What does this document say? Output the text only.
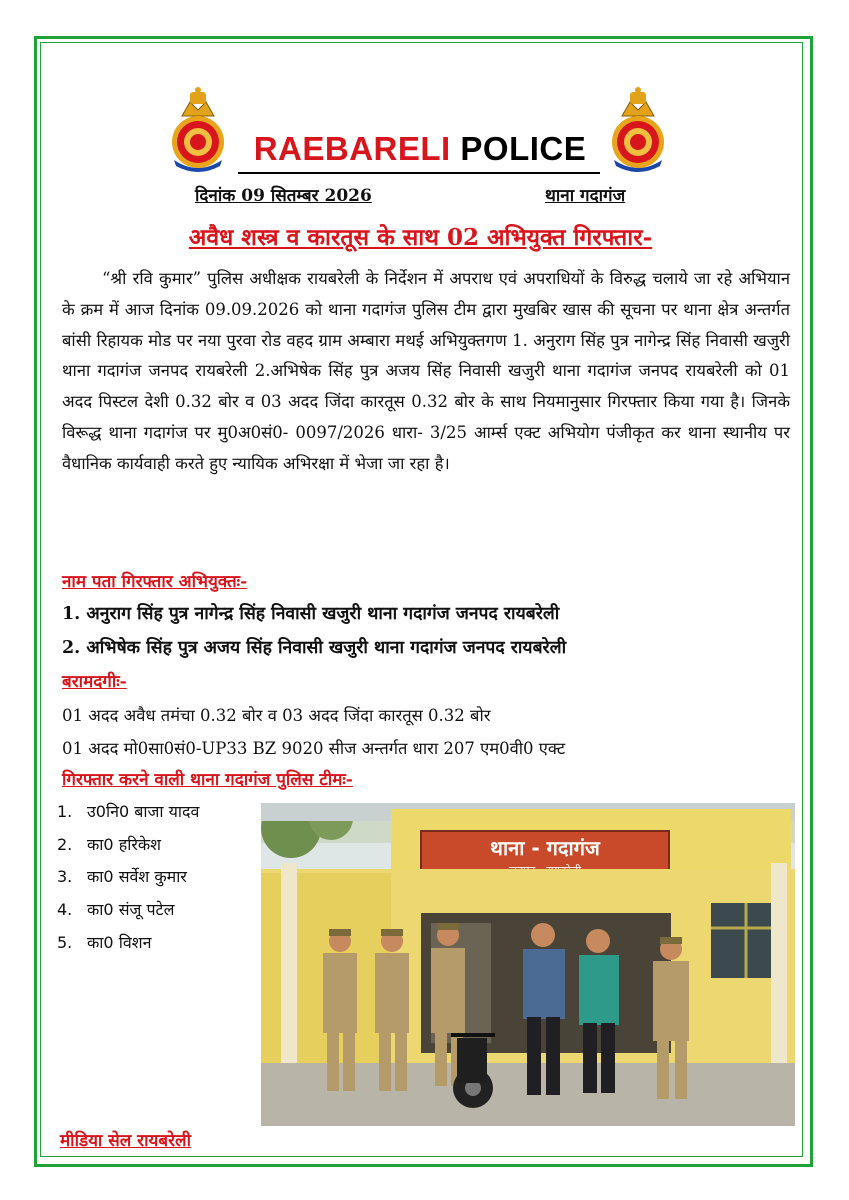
RAEBARELI POLICE
दिनांक 09 सितम्बर 2026	थाना गदागंज
अवैध शस्त्र व कारतूस के साथ 02 अभियुक्त गिरफ्तार-
“श्री रवि कुमार” पुलिस अधीक्षक रायबरेली के निर्देशन में अपराध एवं अपराधियों के विरुद्ध चलाये जा रहे अभियान के क्रम में आज दिनांक 09.09.2026 को थाना गदागंज पुलिस टीम द्वारा मुखबिर खास की सूचना पर थाना क्षेत्र अन्तर्गत बांसी रिहायक मोड पर नया पुरवा रोड वहद ग्राम अम्बारा मथई अभियुक्तगण 1. अनुराग सिंह पुत्र नागेन्द्र सिंह निवासी खजुरी थाना गदागंज जनपद रायबरेली 2.अभिषेक सिंह पुत्र अजय सिंह निवासी खजुरी थाना गदागंज जनपद रायबरेली को 01 अदद पिस्टल देशी 0.32 बोर व 03 अदद जिंदा कारतूस 0.32 बोर के साथ नियमानुसार गिरफ्तार किया गया है। जिनके विरूद्ध थाना गदागंज पर मु0अ0सं0- 0097/2026 धारा- 3/25 आर्म्स एक्ट अभियोग पंजीकृत कर थाना स्थानीय पर वैधानिक कार्यवाही करते हुए न्यायिक अभिरक्षा में भेजा जा रहा है।
नाम पता गिरफ्तार अभियुक्तः-
1. अनुराग सिंह पुत्र नागेन्द्र सिंह निवासी खजुरी थाना गदागंज जनपद रायबरेली
2. अभिषेक सिंह पुत्र अजय सिंह निवासी खजुरी थाना गदागंज जनपद रायबरेली
बरामदगीः-
01 अदद अवैध तमंचा 0.32 बोर व 03 अदद जिंदा कारतूस 0.32 बोर
01 अदद मो0सा0सं0-UP33 BZ 9020 सीज अन्तर्गत धारा 207 एम0वी0 एक्ट
गिरफ्तार करने वाली थाना गदागंज पुलिस टीमः-
1. उ0नि0 बाजा यादव
2. का0 हरिकेश
3. का0 सर्वेश कुमार
4. का0 संजू पटेल
5. का0 विशन
थाना - गदागंज
मीडिया सेल रायबरेली
